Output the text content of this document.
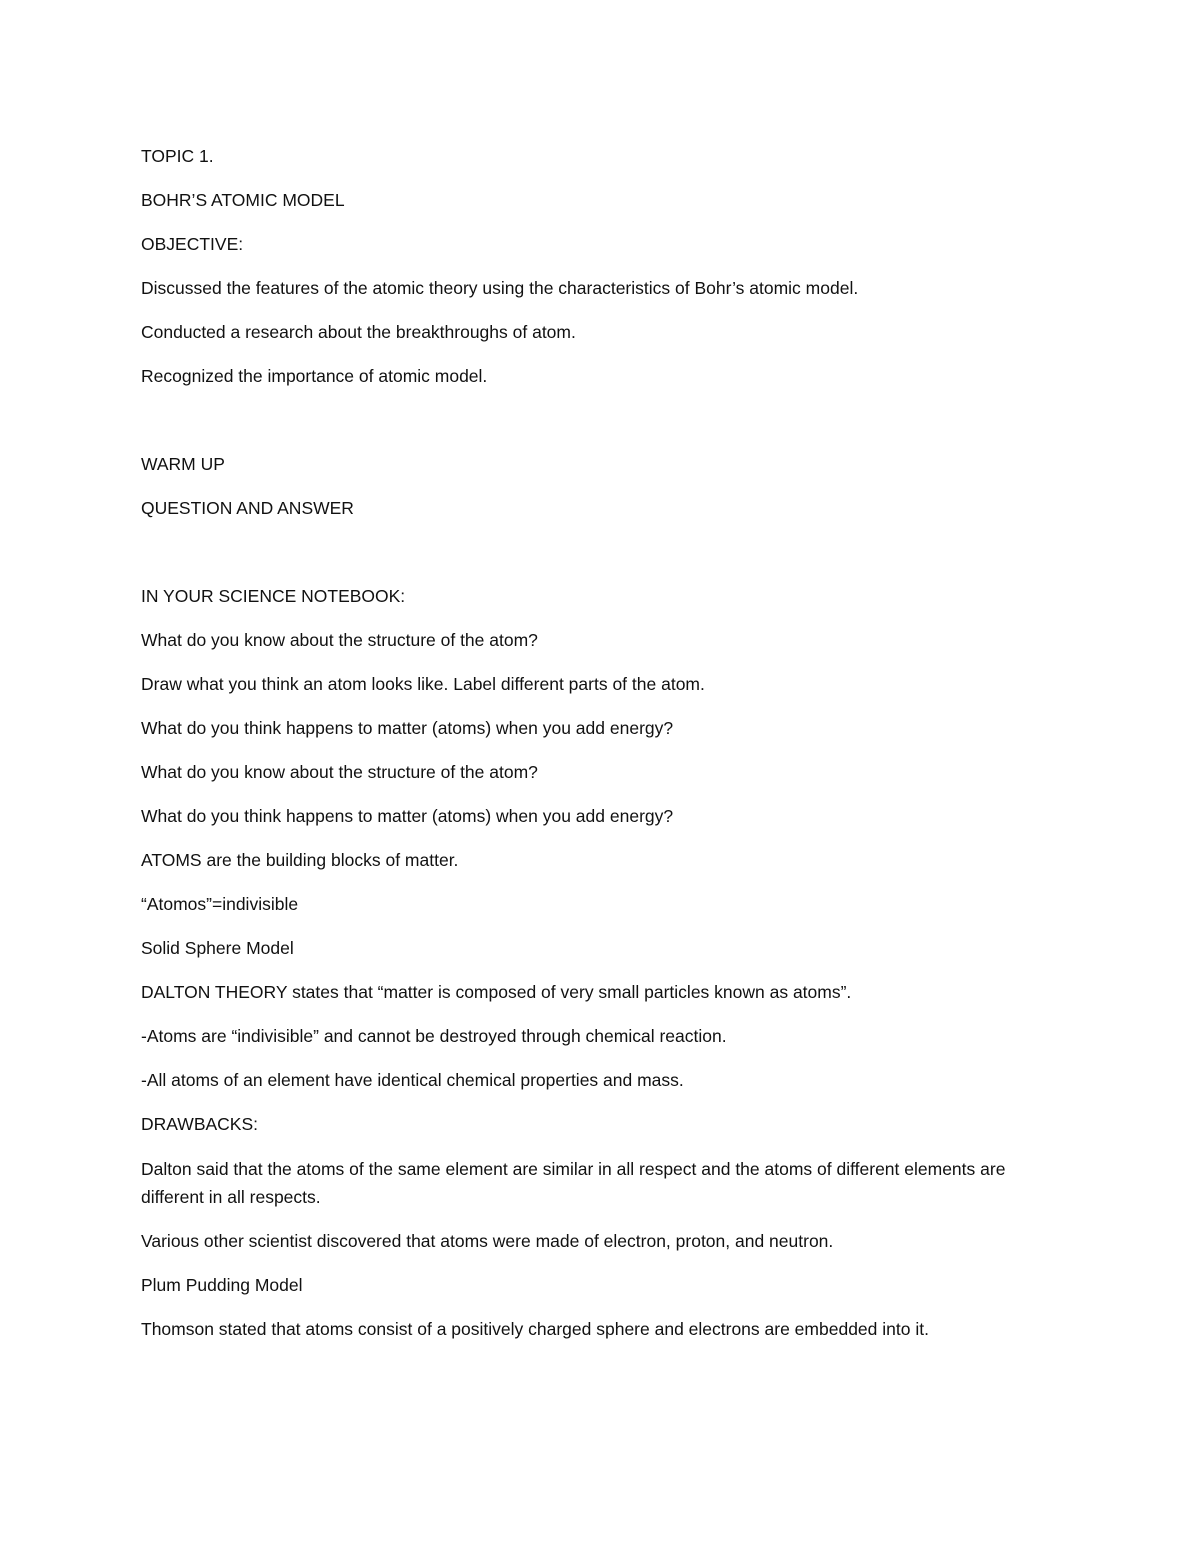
TOPIC 1.

BOHR’S ATOMIC MODEL

OBJECTIVE:

Discussed the features of the atomic theory using the characteristics of Bohr’s atomic model.

Conducted a research about the breakthroughs of atom.

Recognized the importance of atomic model.

WARM UP

QUESTION AND ANSWER

IN YOUR SCIENCE NOTEBOOK:

What do you know about the structure of the atom?

Draw what you think an atom looks like. Label different parts of the atom.

What do you think happens to matter (atoms) when you add energy?

What do you know about the structure of the atom?

What do you think happens to matter (atoms) when you add energy?

ATOMS are the building blocks of matter.

“Atomos”=indivisible

Solid Sphere Model

DALTON THEORY states that “matter is composed of very small particles known as atoms”.

-Atoms are “indivisible” and cannot be destroyed through chemical reaction.

-All atoms of an element have identical chemical properties and mass.

DRAWBACKS:

Dalton said that the atoms of the same element are similar in all respect and the atoms of different elements are different in all respects.

Various other scientist discovered that atoms were made of electron, proton, and neutron.

Plum Pudding Model

Thomson stated that atoms consist of a positively charged sphere and electrons are embedded into it.
